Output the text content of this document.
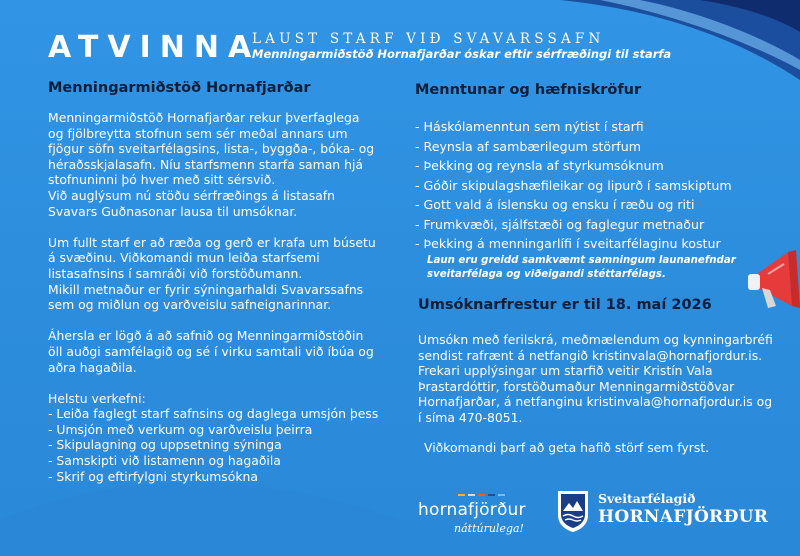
ATVINNA
LAUST STARF VIÐ SVAVARSSAFN
Menningarmiðstöð Hornafjarðar óskar eftir sérfræðingi til starfa
Menningarmiðstöð Hornafjarðar

Menningarmiðstöð Hornafjarðar rekur þverfaglega

og fjölbreytta stofnun sem sér meðal annars um

fjögur söfn sveitarfélagsins, lista-, byggða-, bóka- og

héraðsskjalasafn. Níu starfsmenn starfa saman hjá

stofnuninni þó hver með sitt sérsvið.

Við auglýsum nú stöðu sérfræðings á listasafn

Svavars Guðnasonar lausa til umsóknar.

Um fullt starf er að ræða og gerð er krafa um búsetu

á svæðinu. Viðkomandi mun leiða starfsemi

listasafnsins í samráði við forstöðumann.

Mikill metnaður er fyrir sýningarhaldi Svavarssafns

sem og miðlun og varðveislu safneignarinnar.

Áhersla er lögð á að safnið og Menningarmiðstöðin

öll auðgi samfélagið og sé í virku samtali við íbúa og

aðra hagaðila.

Helstu verkefni:

- Leiða faglegt starf safnsins og daglega umsjón þess
- Umsjón með verkum og varðveislu þeirra
- Skipulagning og uppsetning sýninga
- Samskipti við listamenn og hagaðila
- Skrif og eftirfylgni styrkumsókna
Menntunar og hæfniskröfur
- Háskólamenntun sem nýtist í starfi
- Reynsla af sambærilegum störfum
- Þekking og reynsla af styrkumsóknum
- Góðir skipulagshæfileikar og lipurð í samskiptum
- Gott vald á íslensku og ensku í ræðu og riti
- Frumkvæði, sjálfstæði og faglegur metnaður
- Þekking á menningarlífi í sveitarfélaginu kostur
Laun eru greidd samkvæmt samningum launanefndar
sveitarfélaga og viðeigandi stéttarfélags.
Umsóknarfrestur er til 18. maí 2026

Umsókn með ferilskrá, meðmælendum og kynningarbréfi

sendist rafrænt á netfangið kristinvala@hornafjordur.is.

Frekari upplýsingar um starfið veitir Kristín Vala

Þrastardóttir, forstöðumaður Menningarmiðstöðvar

Hornafjarðar, á netfanginu kristinvala@hornafjordur.is og

í síma 470-8051.

Viðkomandi þarf að geta hafið störf sem fyrst.
hornafjörður
náttúrulega!
Sveitarfélagið
HORNAFJÖRÐUR
